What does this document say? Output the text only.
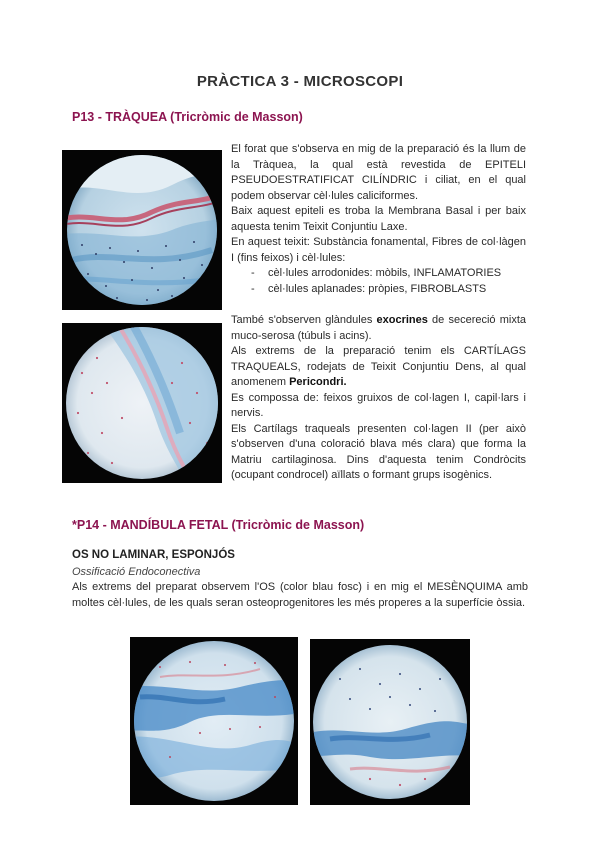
PRÀCTICA 3 - MICROSCOPI
P13 - TRÀQUEA (Tricròmic de Masson)

El forat que s'observa en mig de la preparació és la llum de la Tràquea, la qual està revestida de EPITELI PSEUDOESTRATIFICAT CILÍNDRIC i ciliat, en el qual podem observar cèl·lules caliciformes.

Baix aquest epiteli es troba la Membrana Basal i per baix aquesta tenim Teixit Conjuntiu Laxe.

En aquest teixit: Substància fonamental, Fibres de col·làgen I (fins feixos) i cèl·lules:

- cèl·lules arrodonides: mòbils, INFLAMATORIES
- cèl·lules aplanades: pròpies, FIBROBLASTS

També s'observen glàndules exocrines de secereció mixta muco-serosa (túbuls i acins).

Als extrems de la preparació tenim els CARTÍLAGS TRAQUEALS, rodejats de Teixit Conjuntiu Dens, al qual anomenem Pericondri.

Es compossa de: feixos gruixos de col·lagen I, capil·lars i nervis.

Els Cartílags traqueals presenten col·lagen II (per això s'observen d'una coloració blava més clara) que forma la Matriu cartilaginosa. Dins d'aquesta tenim Condròcits (ocupant condrocel) aïllats o formant grups isogènics.

*P14 - MANDÍBULA FETAL (Tricròmic de Masson)
OS NO LAMINAR, ESPONJÓS
Ossificació Endoconectiva
Als extrems del preparat observem l'OS (color blau fosc) i en mig el MESÈNQUIMA amb moltes cèl·lules, de les quals seran osteoprogenitores les més properes a la superfície òssia.
